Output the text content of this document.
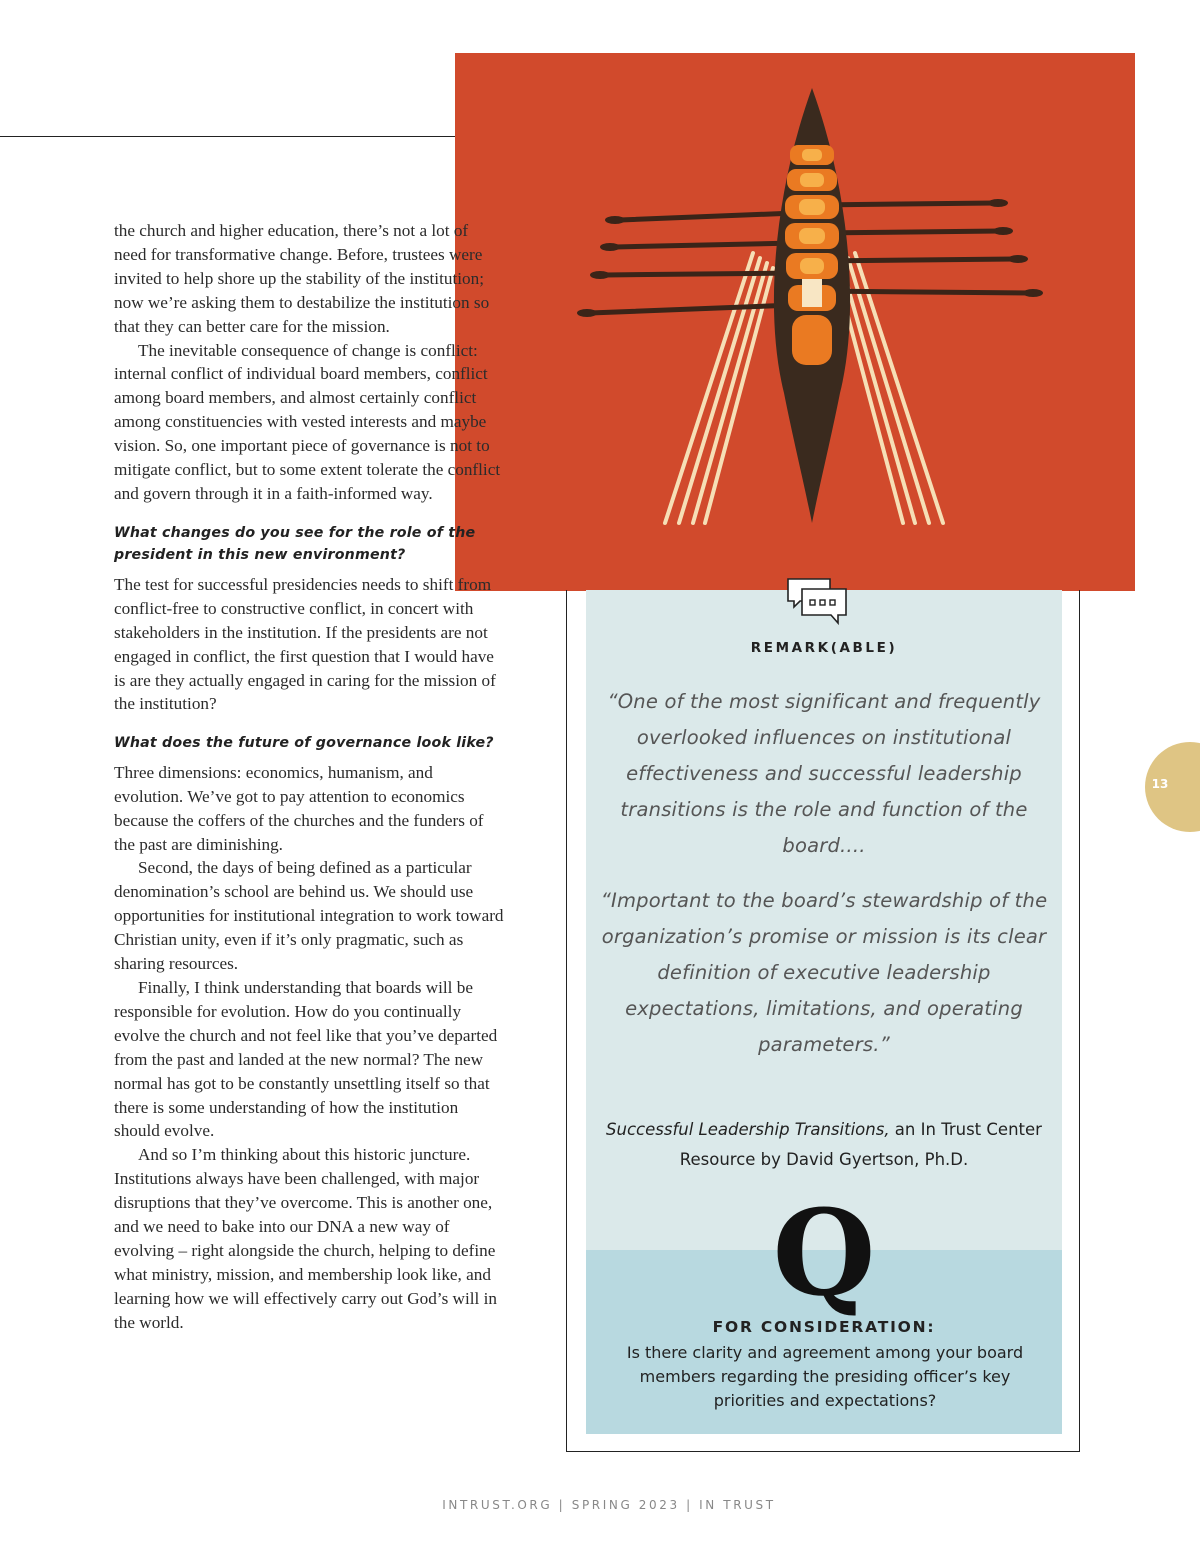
the church and higher education, there’s not a lot of need for transformative change. Before, trustees were invited to help shore up the stability of the institution; now we’re asking them to destabilize the institution so that they can better care for the mission.

The inevitable consequence of change is conflict: internal conflict of individual board members, conflict among board members, and almost certainly conflict among constituencies with vested interests and maybe vision. So, one important piece of governance is not to mitigate conflict, but to some extent tolerate the conflict and govern through it in a faith-informed way.

What changes do you see for the role of the president in this new environment?

The test for successful presidencies needs to shift from conflict-free to constructive conflict, in concert with stakeholders in the institution. If the presidents are not engaged in conflict, the first question that I would have is are they actually engaged in caring for the mission of the institution?

What does the future of governance look like?

Three dimensions: economics, humanism, and evolution. We’ve got to pay attention to economics because the coffers of the churches and the funders of the past are diminishing.

Second, the days of being defined as a particular denomination’s school are behind us. We should use opportunities for institutional integration to work toward Christian unity, even if it’s only pragmatic, such as sharing resources.

Finally, I think understanding that boards will be responsible for evolution. How do you continually evolve the church and not feel like that you’ve departed from the past and landed at the new normal? The new normal has got to be constantly unsettling itself so that there is some understanding of how the institution should evolve.

And so I’m thinking about this historic juncture. Institutions always have been challenged, with major disruptions that they’ve overcome. This is another one, and we need to bake into our DNA a new way of evolving – right alongside the church, helping to define what ministry, mission, and membership look like, and learning how we will effectively carry out God’s will in the world.

REMARK(ABLE)
“One of the most significant and frequently overlooked influences on institutional effectiveness and successful leadership transitions is the role and function of the board....
“Important to the board’s stewardship of the organization’s promise or mission is its clear definition of executive leadership expectations, limitations, and operating parameters.”
Successful Leadership Transitions, an In Trust Center Resource by David Gyertson, Ph.D.
Q
FOR CONSIDERATION:
Is there clarity and agreement among your board members regarding the presiding officer’s key priorities and expectations?
13
INTRUST.ORG | SPRING 2023 | IN TRUST
